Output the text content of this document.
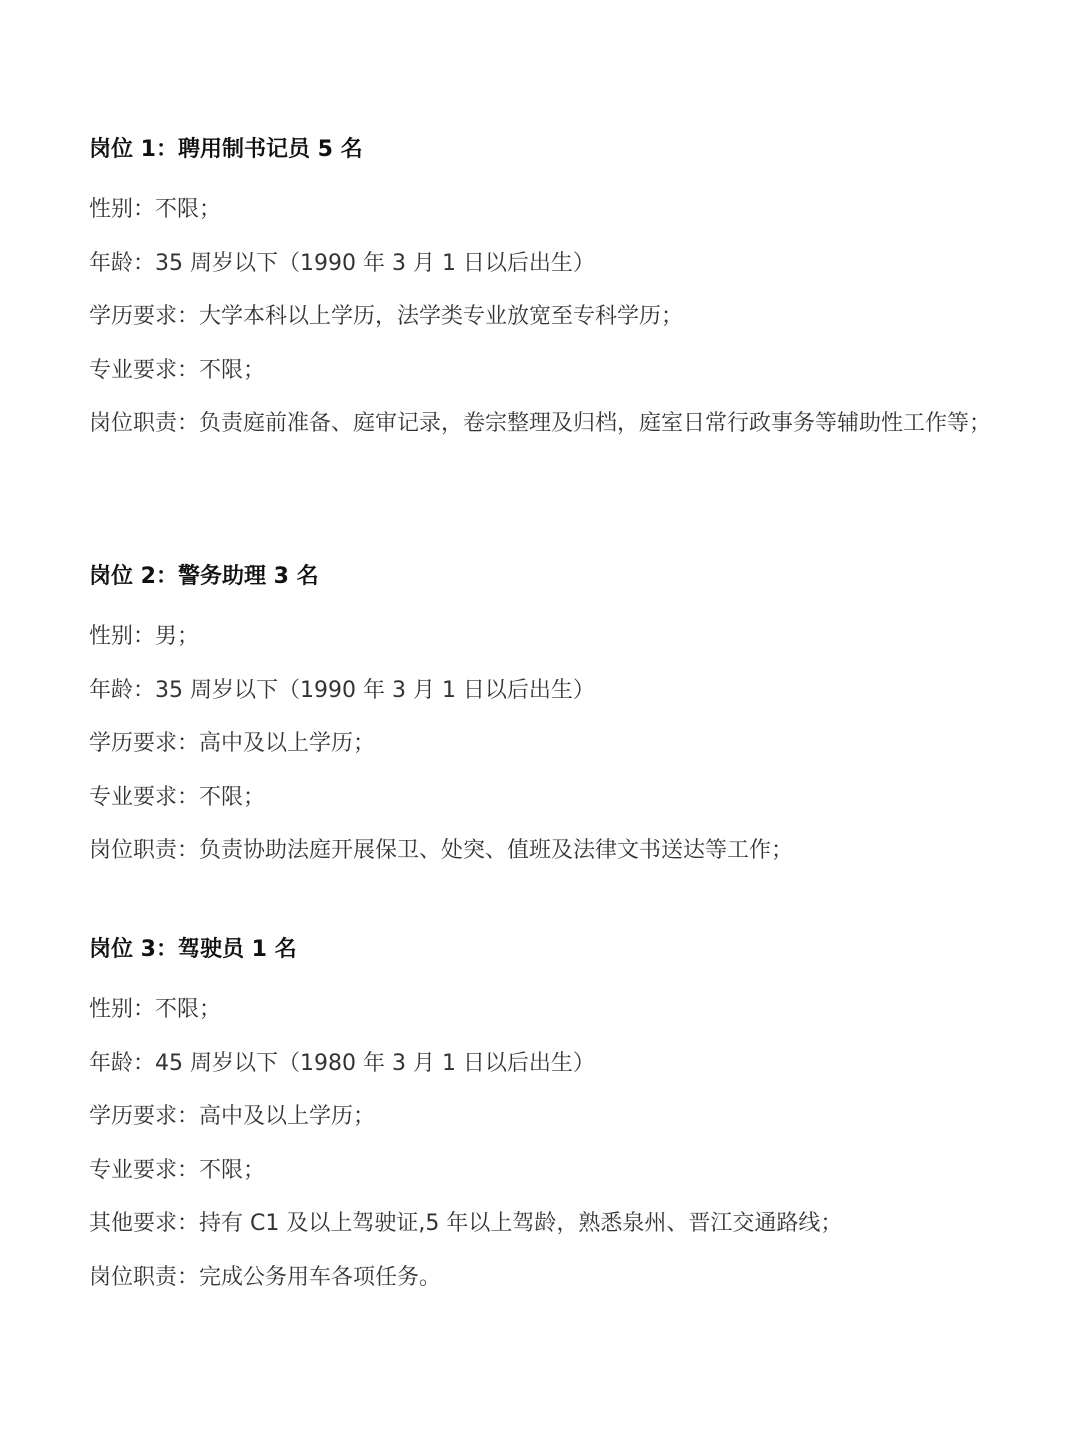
岗位 1：聘用制书记员 5 名
性别：不限；
年龄：35 周岁以下（1990 年 3 月 1 日以后出生）
学历要求：大学本科以上学历，法学类专业放宽至专科学历；
专业要求：不限；
岗位职责：负责庭前准备、庭审记录，卷宗整理及归档，庭室日常行政事务等辅助性工作等；
岗位 2：警务助理 3 名
性别：男；
年龄：35 周岁以下（1990 年 3 月 1 日以后出生）
学历要求：高中及以上学历；
专业要求：不限；
岗位职责：负责协助法庭开展保卫、处突、值班及法律文书送达等工作；
岗位 3：驾驶员 1 名
性别：不限；
年龄：45 周岁以下（1980 年 3 月 1 日以后出生）
学历要求：高中及以上学历；
专业要求：不限；
其他要求：持有 C1 及以上驾驶证,5 年以上驾龄，熟悉泉州、晋江交通路线；
岗位职责：完成公务用车各项任务。
